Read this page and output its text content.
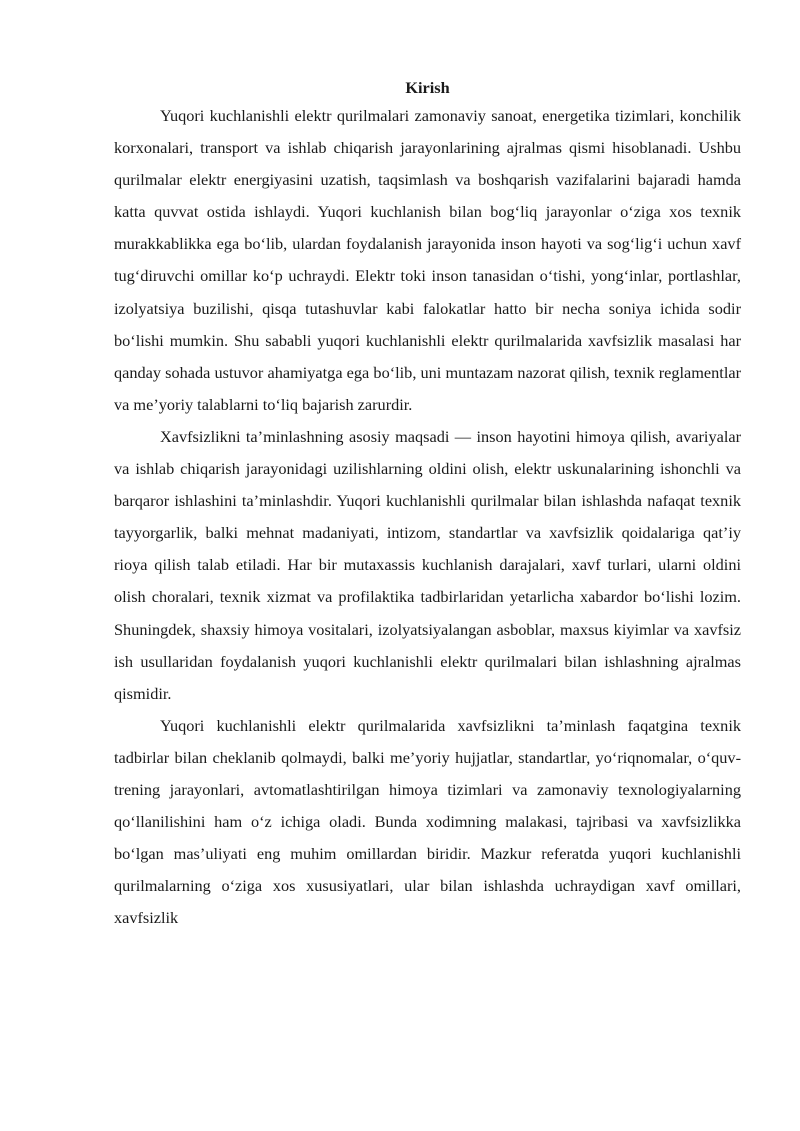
Kirish

Yuqori kuchlanishli elektr qurilmalari zamonaviy sanoat, energetika tizimlari, konchilik korxonalari, transport va ishlab chiqarish jarayonlarining ajralmas qismi hisoblanadi. Ushbu qurilmalar elektr energiyasini uzatish, taqsimlash va boshqarish vazifalarini bajaradi hamda katta quvvat ostida ishlaydi. Yuqori kuchlanish bilan bog‘liq jarayonlar o‘ziga xos texnik murakkablikka ega bo‘lib, ulardan foydalanish jarayonida inson hayoti va sog‘lig‘i uchun xavf tug‘diruvchi omillar ko‘p uchraydi. Elektr toki inson tanasidan o‘tishi, yong‘inlar, portlashlar, izolyatsiya buzilishi, qisqa tutashuvlar kabi falokatlar hatto bir necha soniya ichida sodir bo‘lishi mumkin. Shu sababli yuqori kuchlanishli elektr qurilmalarida xavfsizlik masalasi har qanday sohada ustuvor ahamiyatga ega bo‘lib, uni muntazam nazorat qilish, texnik reglamentlar va me’yoriy talablarni to‘liq bajarish zarurdir.

Xavfsizlikni ta’minlashning asosiy maqsadi — inson hayotini himoya qilish, avariyalar va ishlab chiqarish jarayonidagi uzilishlarning oldini olish, elektr uskunalarining ishonchli va barqaror ishlashini ta’minlashdir. Yuqori kuchlanishli qurilmalar bilan ishlashda nafaqat texnik tayyorgarlik, balki mehnat madaniyati, intizom, standartlar va xavfsizlik qoidalariga qat’iy rioya qilish talab etiladi. Har bir mutaxassis kuchlanish darajalari, xavf turlari, ularni oldini olish choralari, texnik xizmat va profilaktika tadbirlaridan yetarlicha xabardor bo‘lishi lozim. Shuningdek, shaxsiy himoya vositalari, izolyatsiyalangan asboblar, maxsus kiyimlar va xavfsiz ish usullaridan foydalanish yuqori kuchlanishli elektr qurilmalari bilan ishlashning ajralmas qismidir.

Yuqori kuchlanishli elektr qurilmalarida xavfsizlikni ta’minlash faqatgina texnik tadbirlar bilan cheklanib qolmaydi, balki me’yoriy hujjatlar, standartlar, yo‘riqnomalar, o‘quv-trening jarayonlari, avtomatlashtirilgan himoya tizimlari va zamonaviy texnologiyalarning qo‘llanilishini ham o‘z ichiga oladi. Bunda xodimning malakasi, tajribasi va xavfsizlikka bo‘lgan mas’uliyati eng muhim omillardan biridir. Mazkur referatda yuqori kuchlanishli qurilmalarning o‘ziga xos xususiyatlari, ular bilan ishlashda uchraydigan xavf omillari, xavfsizlik
